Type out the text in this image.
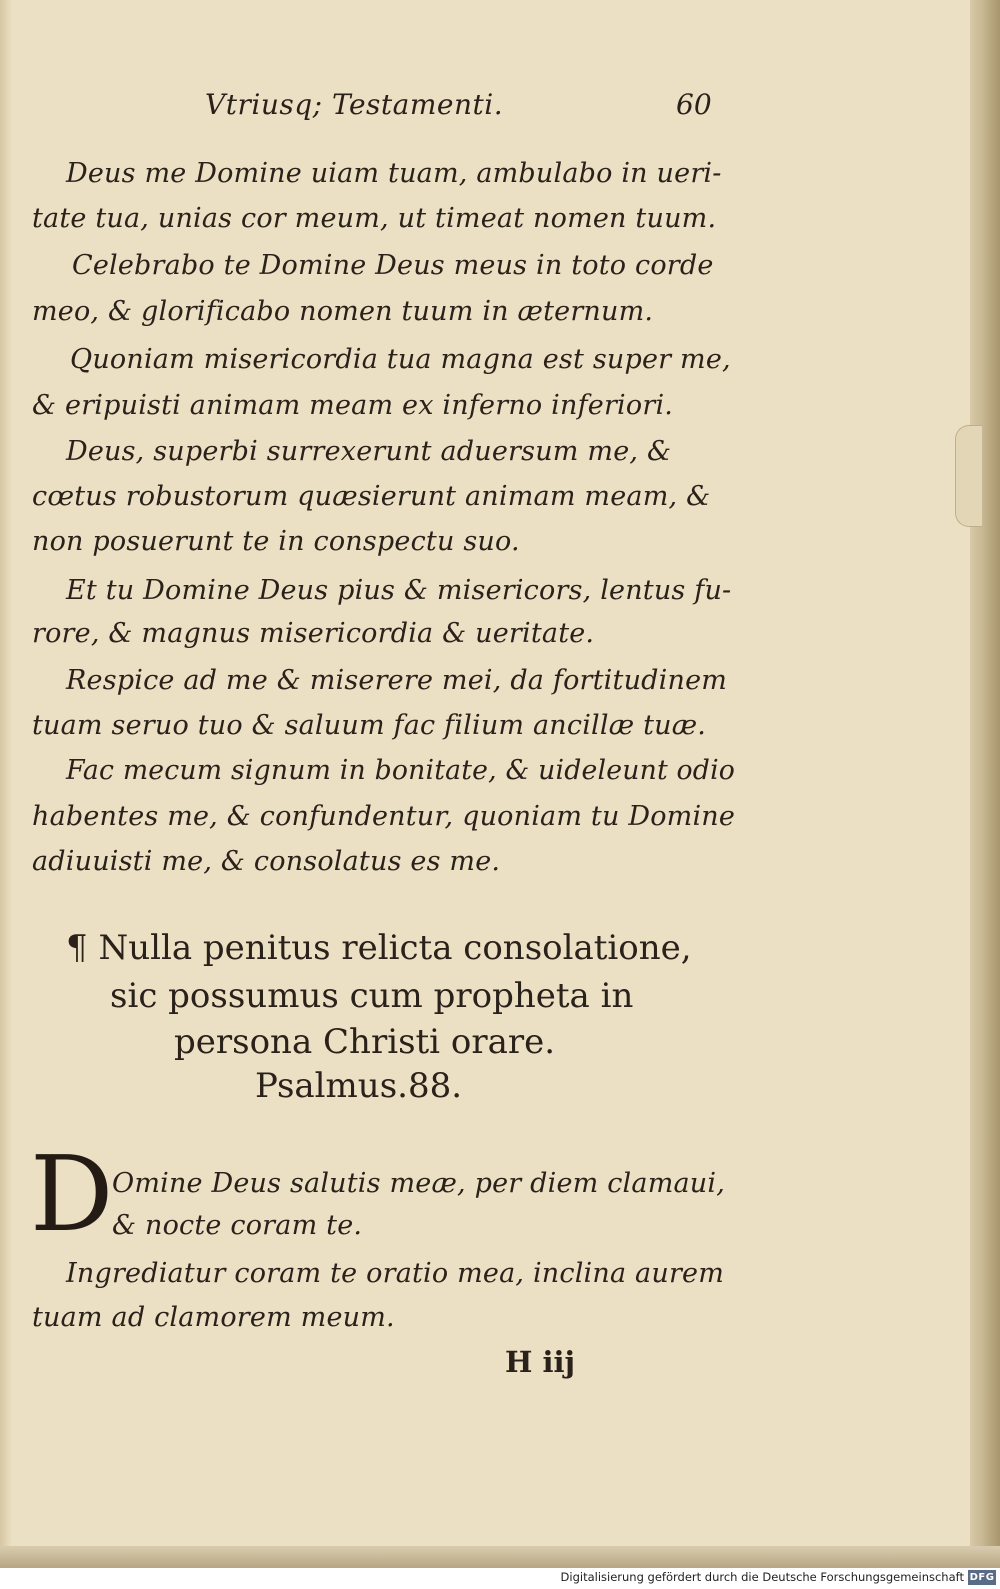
Vtriusq; Testamenti.	60
Deus me Domine uiam tuam, ambulabo in ueri-
tate tua, unias cor meum, ut timeat nomen tuum.
Celebrabo te Domine Deus meus in toto corde
meo, & glorificabo nomen tuum in æternum.
Quoniam misericordia tua magna est super me,
& eripuisti animam meam ex inferno inferiori.
Deus, superbi surrexerunt aduersum me, &
cœtus robustorum quæsierunt animam meam, &
non posuerunt te in conspectu suo.
Et tu Domine Deus pius & misericors, lentus fu-
rore, & magnus misericordia & ueritate.
Respice ad me & miserere mei, da fortitudinem
tuam seruo tuo & saluum fac filium ancillæ tuæ.
Fac mecum signum in bonitate, & uideleunt odio
habentes me, & confundentur, quoniam tu Domine
adiuuisti me, & consolatus es me.
¶ Nulla penitus relicta consolatione,
sic possumus cum propheta in
persona Christi orare.
Psalmus.88.
D
Omine Deus salutis meæ, per diem clamaui,
& nocte coram te.
Ingrediatur coram te oratio mea, inclina aurem
tuam ad clamorem meum.
H iij
Digitalisierung gefördert durch die Deutsche Forschungsgemeinschaft DFG
